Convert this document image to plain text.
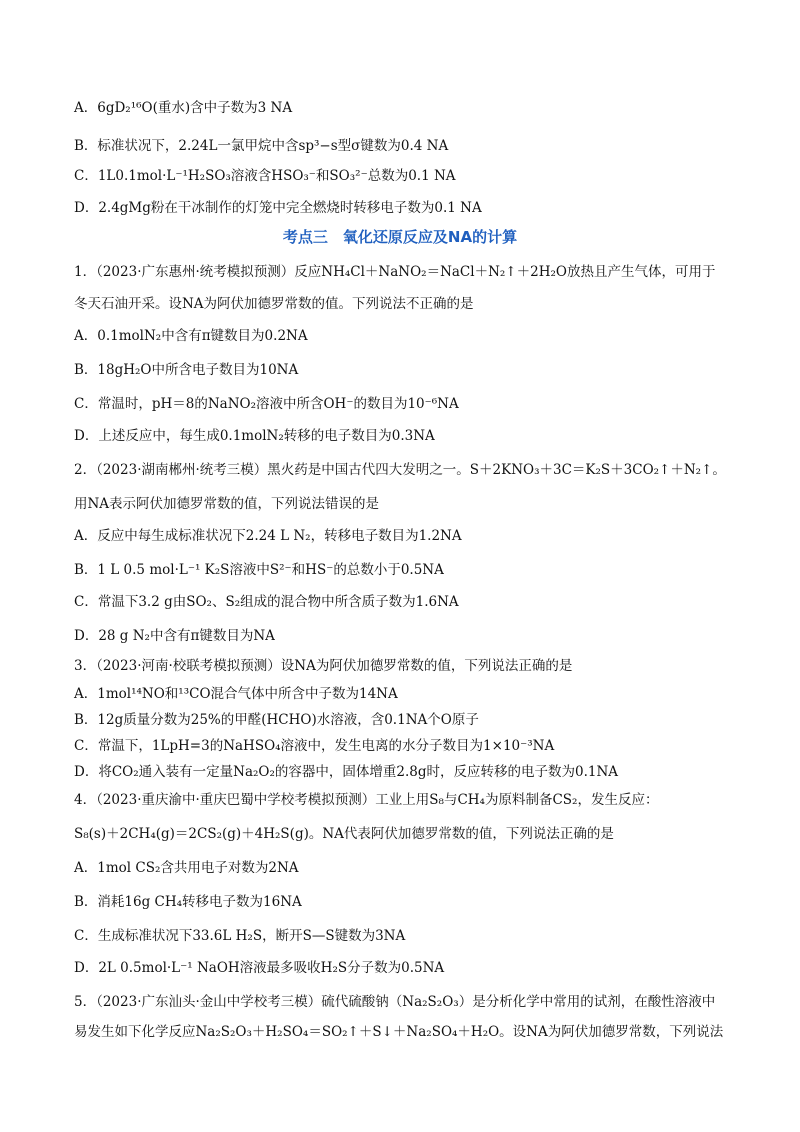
A．6gD₂¹⁶O(重水)含中子数为3 NA
B．标准状况下，2.24L一氯甲烷中含sp³−s型σ键数为0.4 NA
C．1L0.1mol·L⁻¹H₂SO₃溶液含HSO₃⁻和SO₃²⁻总数为0.1 NA
D．2.4gMg粉在干冰制作的灯笼中完全燃烧时转移电子数为0.1 NA
考点三　氧化还原反应及NA的计算
1．（2023·广东惠州·统考模拟预测）反应NH₄Cl＋NaNO₂＝NaCl＋N₂↑＋2H₂O放热且产生气体，可用于
冬天石油开采。设NA为阿伏加德罗常数的值。下列说法不正确的是
A．0.1molN₂中含有π键数目为0.2NA
B．18gH₂O中所含电子数目为10NA
C．常温时，pH＝8的NaNO₂溶液中所含OH⁻的数目为10⁻⁶NA
D．上述反应中，每生成0.1molN₂转移的电子数目为0.3NA
2．（2023·湖南郴州·统考三模）黑火药是中国古代四大发明之一。S＋2KNO₃＋3C＝K₂S＋3CO₂↑＋N₂↑。
用NA表示阿伏加德罗常数的值，下列说法错误的是
A．反应中每生成标准状况下2.24 L N₂，转移电子数目为1.2NA
B．1 L 0.5 mol·L⁻¹ K₂S溶液中S²⁻和HS⁻的总数小于0.5NA
C．常温下3.2 g由SO₂、S₂组成的混合物中所含质子数为1.6NA
D．28 g N₂中含有π键数目为NA
3．（2023·河南·校联考模拟预测）设NA为阿伏加德罗常数的值，下列说法正确的是
A．1mol¹⁴NO和¹³CO混合气体中所含中子数为14NA
B．12g质量分数为25%的甲醛(HCHO)水溶液，含0.1NA个O原子
C．常温下，1LpH=3的NaHSO₄溶液中，发生电离的水分子数目为1×10⁻³NA
D．将CO₂通入装有一定量Na₂O₂的容器中，固体增重2.8g时，反应转移的电子数为0.1NA
4．（2023·重庆渝中·重庆巴蜀中学校考模拟预测）工业上用S₈与CH₄为原料制备CS₂，发生反应：
S₈(s)＋2CH₄(g)＝2CS₂(g)＋4H₂S(g)。NA代表阿伏加德罗常数的值，下列说法正确的是
A．1mol CS₂含共用电子对数为2NA
B．消耗16g CH₄转移电子数为16NA
C．生成标准状况下33.6L H₂S，断开S—S键数为3NA
D．2L 0.5mol·L⁻¹ NaOH溶液最多吸收H₂S分子数为0.5NA
5．（2023·广东汕头·金山中学校考三模）硫代硫酸钠（Na₂S₂O₃）是分析化学中常用的试剂，在酸性溶液中
易发生如下化学反应Na₂S₂O₃＋H₂SO₄＝SO₂↑＋S↓＋Na₂SO₄＋H₂O。设NA为阿伏加德罗常数，下列说法
